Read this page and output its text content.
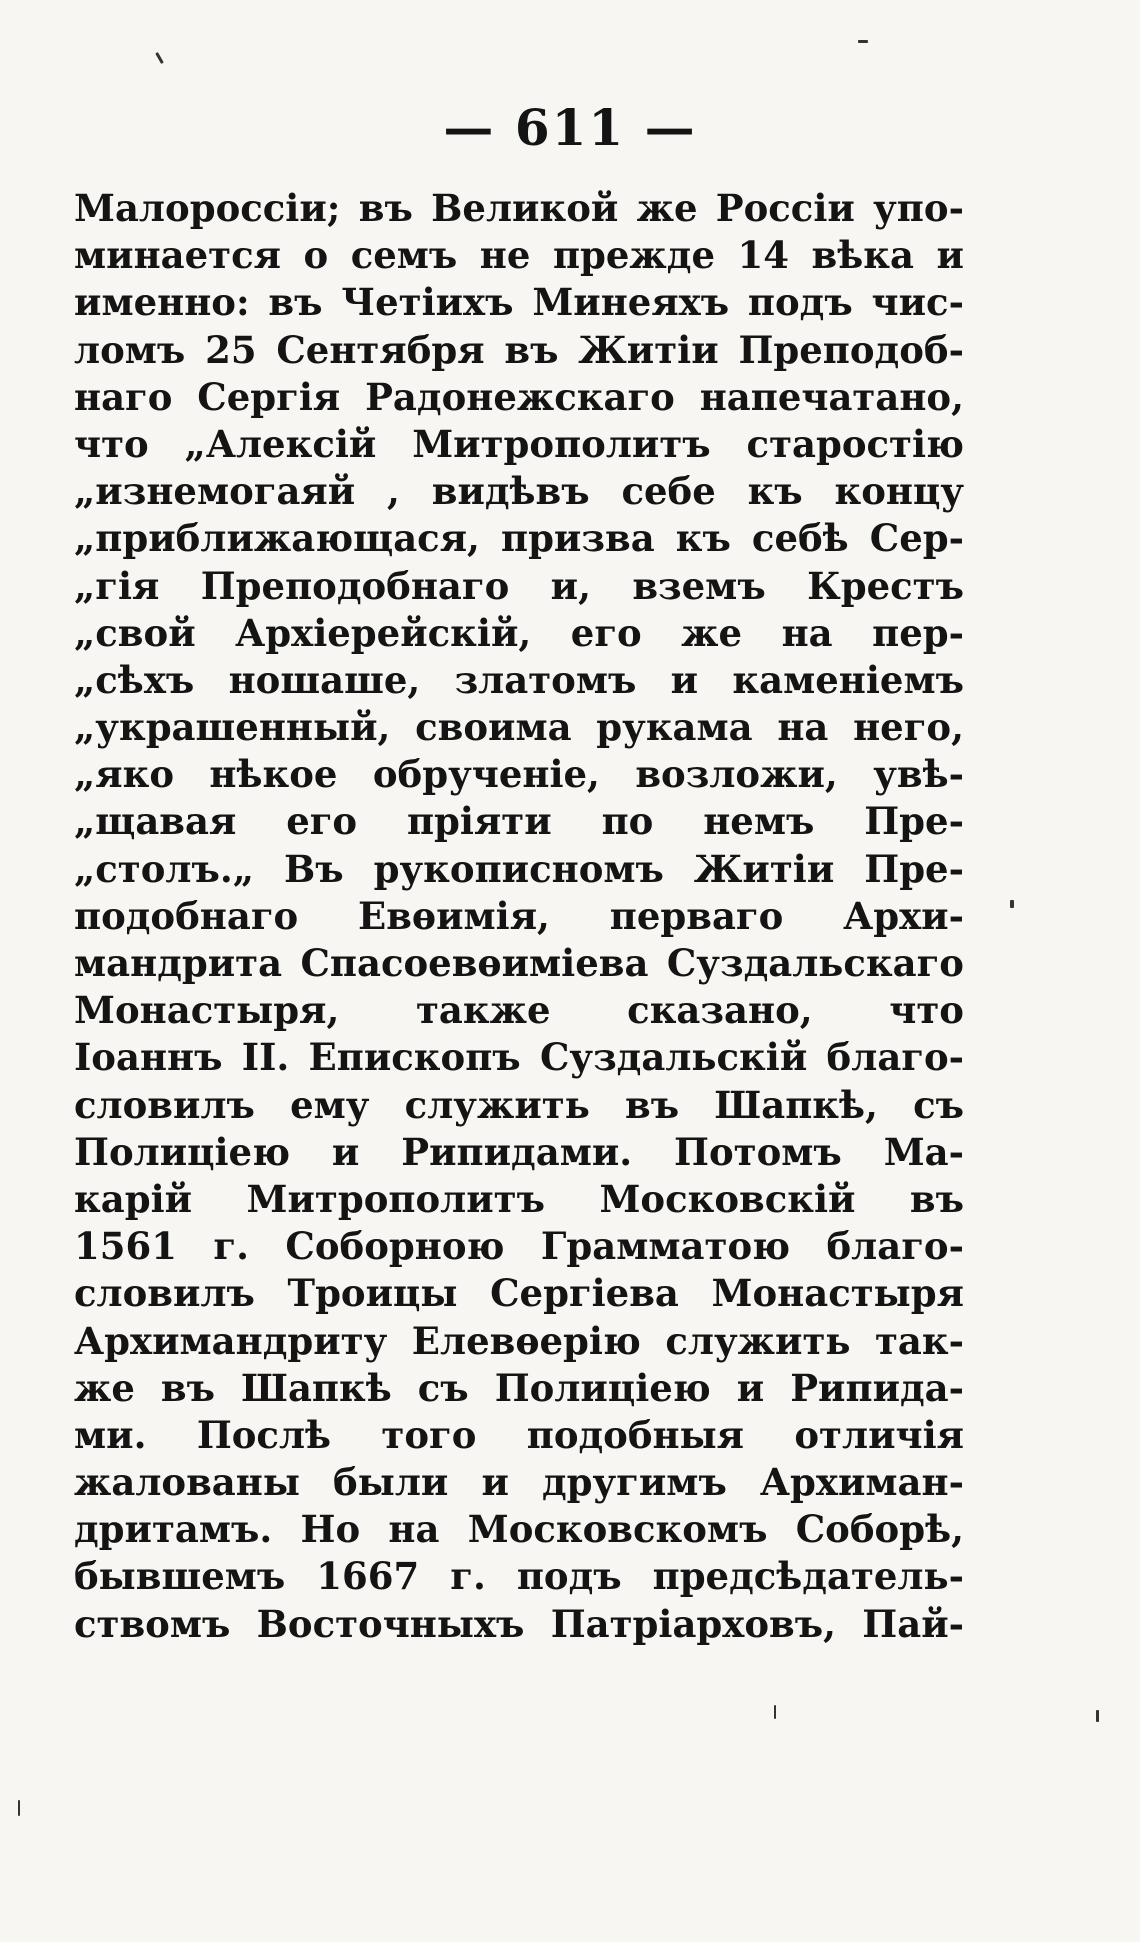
— 611 —
Малороссіи; въ Великой же Россіи упо-
минается о семъ не прежде 14 вѣка и
именно: въ Четіихъ Минеяхъ подъ чис-
ломъ 25 Сентября въ Житіи Преподоб-
наго Сергія Радонежскаго напечатано,
что „Алексій Митрополитъ старостію
„изнемогаяй , видѣвъ себе къ концу
„приближающася, призва къ себѣ Сер-
„гія Преподобнаго и, вземъ Крестъ
„свой Архіерейскій, его же на пер-
„сѣхъ ношаше, златомъ и каменіемъ
„украшенный, своима рукама на него,
„яко нѣкое обрученіе, возложи, увѣ-
„щавая его пріяти по немъ Пре-
„столъ.„ Въ рукописномъ Житіи Пре-
подобнаго Евѳимія, перваго Архи-
мандрита Спасоевѳиміева Суздальскаго
Монастыря, также сказано, что
Іоаннъ II. Епископъ Суздальскій благо-
словилъ ему служить въ Шапкѣ, съ
Полиціею и Рипидами. Потомъ Ма-
карій Митрополитъ Московскій въ
1561 г. Соборною Грамматою благо-
словилъ Троицы Сергіева Монастыря
Архимандриту Елевѳерію служить так-
же въ Шапкѣ съ Полиціею и Рипида-
ми. Послѣ того подобныя отличія
жалованы были и другимъ Архиман-
дритамъ. Но на Московскомъ Соборѣ,
бывшемъ 1667 г. подъ предсѣдатель-
ствомъ Восточныхъ Патріарховъ, Пай-
